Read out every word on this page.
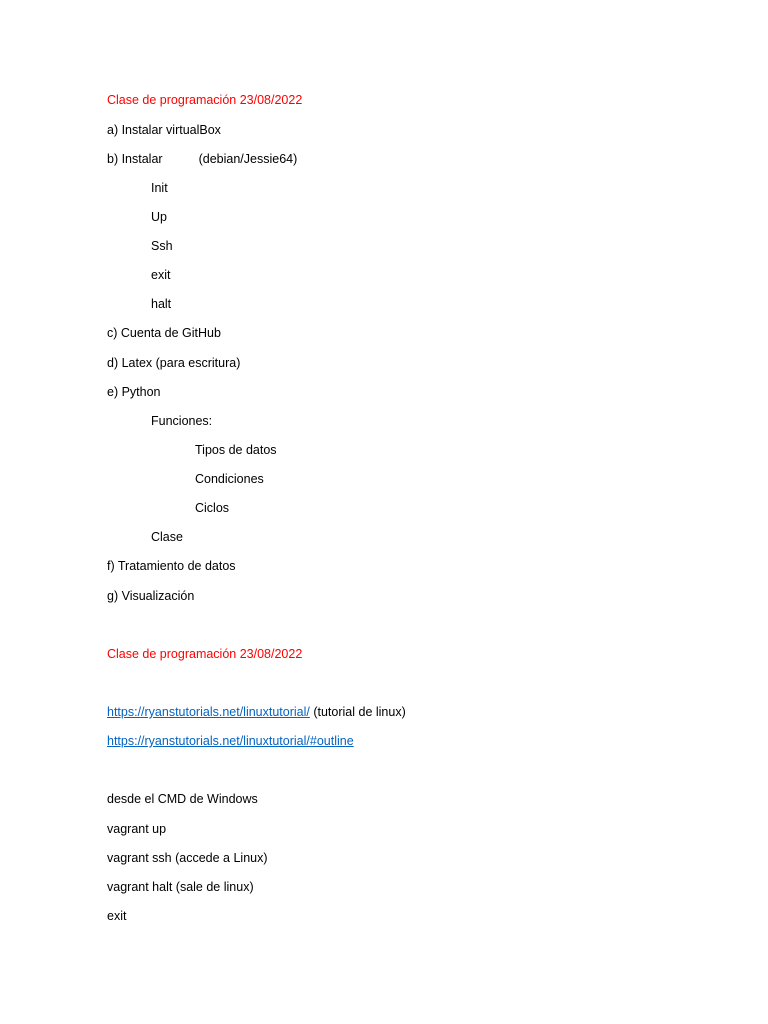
Clase de programación 23/08/2022
a) Instalar virtualBox
b) Instalar	(debian/Jessie64)
Init
Up
Ssh
exit
halt
c) Cuenta de GitHub
d) Latex (para escritura)
e) Python
Funciones:
Tipos de datos
Condiciones
Ciclos
Clase
f) Tratamiento de datos
g) Visualización
Clase de programación 23/08/2022
https://ryanstutorials.net/linuxtutorial/ (tutorial de linux)
https://ryanstutorials.net/linuxtutorial/#outline
desde el CMD de Windows
vagrant up
vagrant ssh (accede a Linux)
vagrant halt (sale de linux)
exit
